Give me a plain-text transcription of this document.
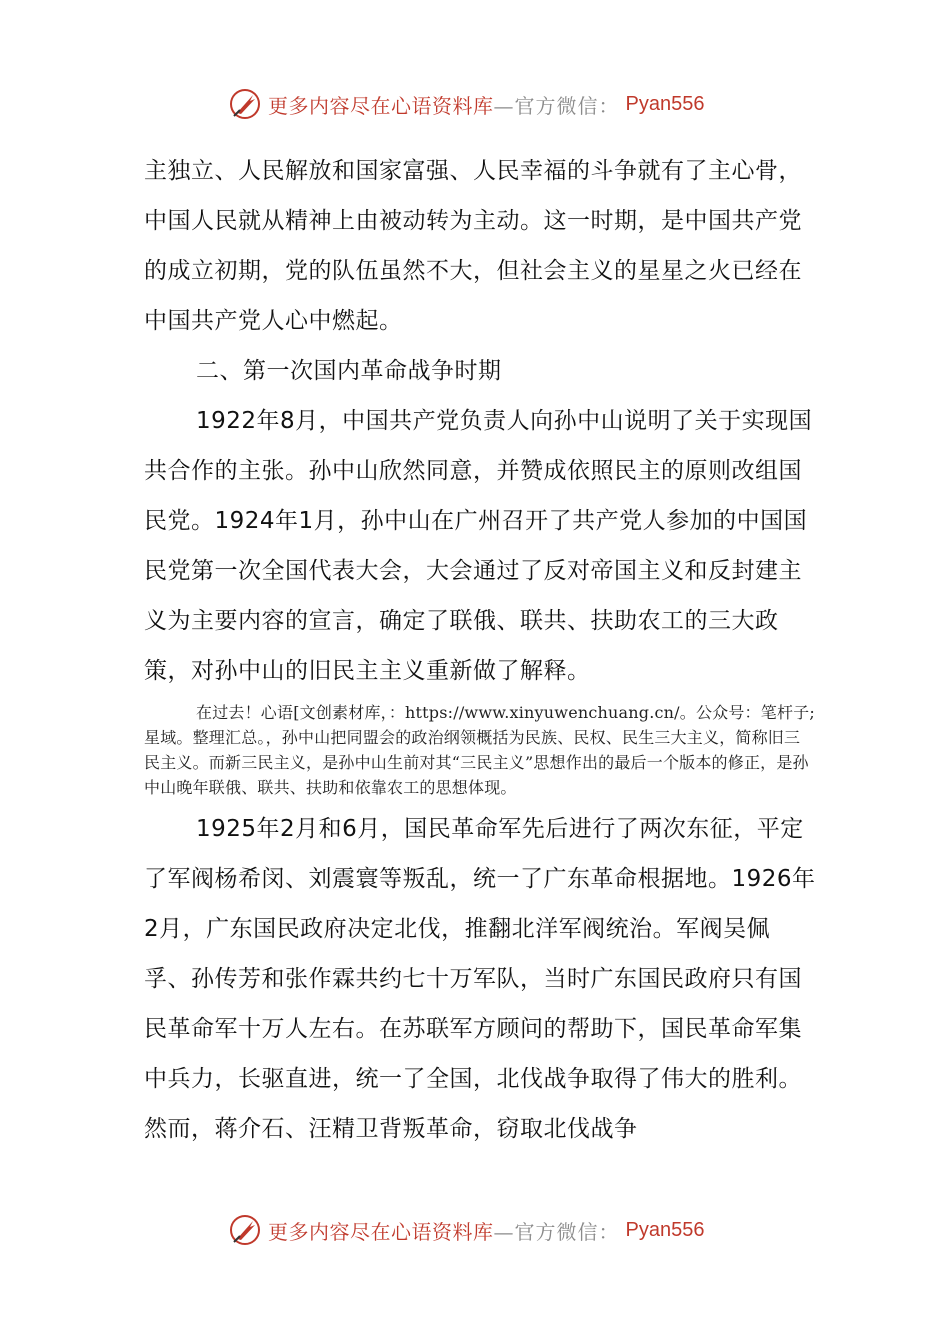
更多内容尽在心语资料库 —官方微信： Pyan556

主独立、人民解放和国家富强、人民幸福的斗争就有了主心骨，中国人民就从精神上由被动转为主动。这一时期，是中国共产党的成立初期，党的队伍虽然不大，但社会主义的星星之火已经在中国共产党人心中燃起。

二、第一次国内革命战争时期

1922年8月，中国共产党负责人向孙中山说明了关于实现国共合作的主张。孙中山欣然同意，并赞成依照民主的原则改组国民党。1924年1月，孙中山在广州召开了共产党人参加的中国国民党第一次全国代表大会，大会通过了反对帝国主义和反封建主义为主要内容的宣言，确定了联俄、联共、扶助农工的三大政策，对孙中山的旧民主主义重新做了解释。

在过去！心语[文创素材库，：https://www.xinyuwenchuang.cn/。公众号：笔杆子;星域。整理汇总。，孙中山把同盟会的政治纲领概括为民族、民权、民生三大主义，简称旧三民主义。而新三民主义，是孙中山生前对其“三民主义”思想作出的最后一个版本的修正，是孙中山晚年联俄、联共、扶助和依靠农工的思想体现。

1925年2月和6月，国民革命军先后进行了两次东征，平定了军阀杨希闵、刘震寰等叛乱，统一了广东革命根据地。1926年2月，广东国民政府决定北伐，推翻北洋军阀统治。军阀吴佩孚、孙传芳和张作霖共约七十万军队，当时广东国民政府只有国民革命军十万人左右。在苏联军方顾问的帮助下，国民革命军集中兵力，长驱直进，统一了全国，北伐战争取得了伟大的胜利。然而，蒋介石、汪精卫背叛革命，窃取北伐战争

更多内容尽在心语资料库 —官方微信： Pyan556
